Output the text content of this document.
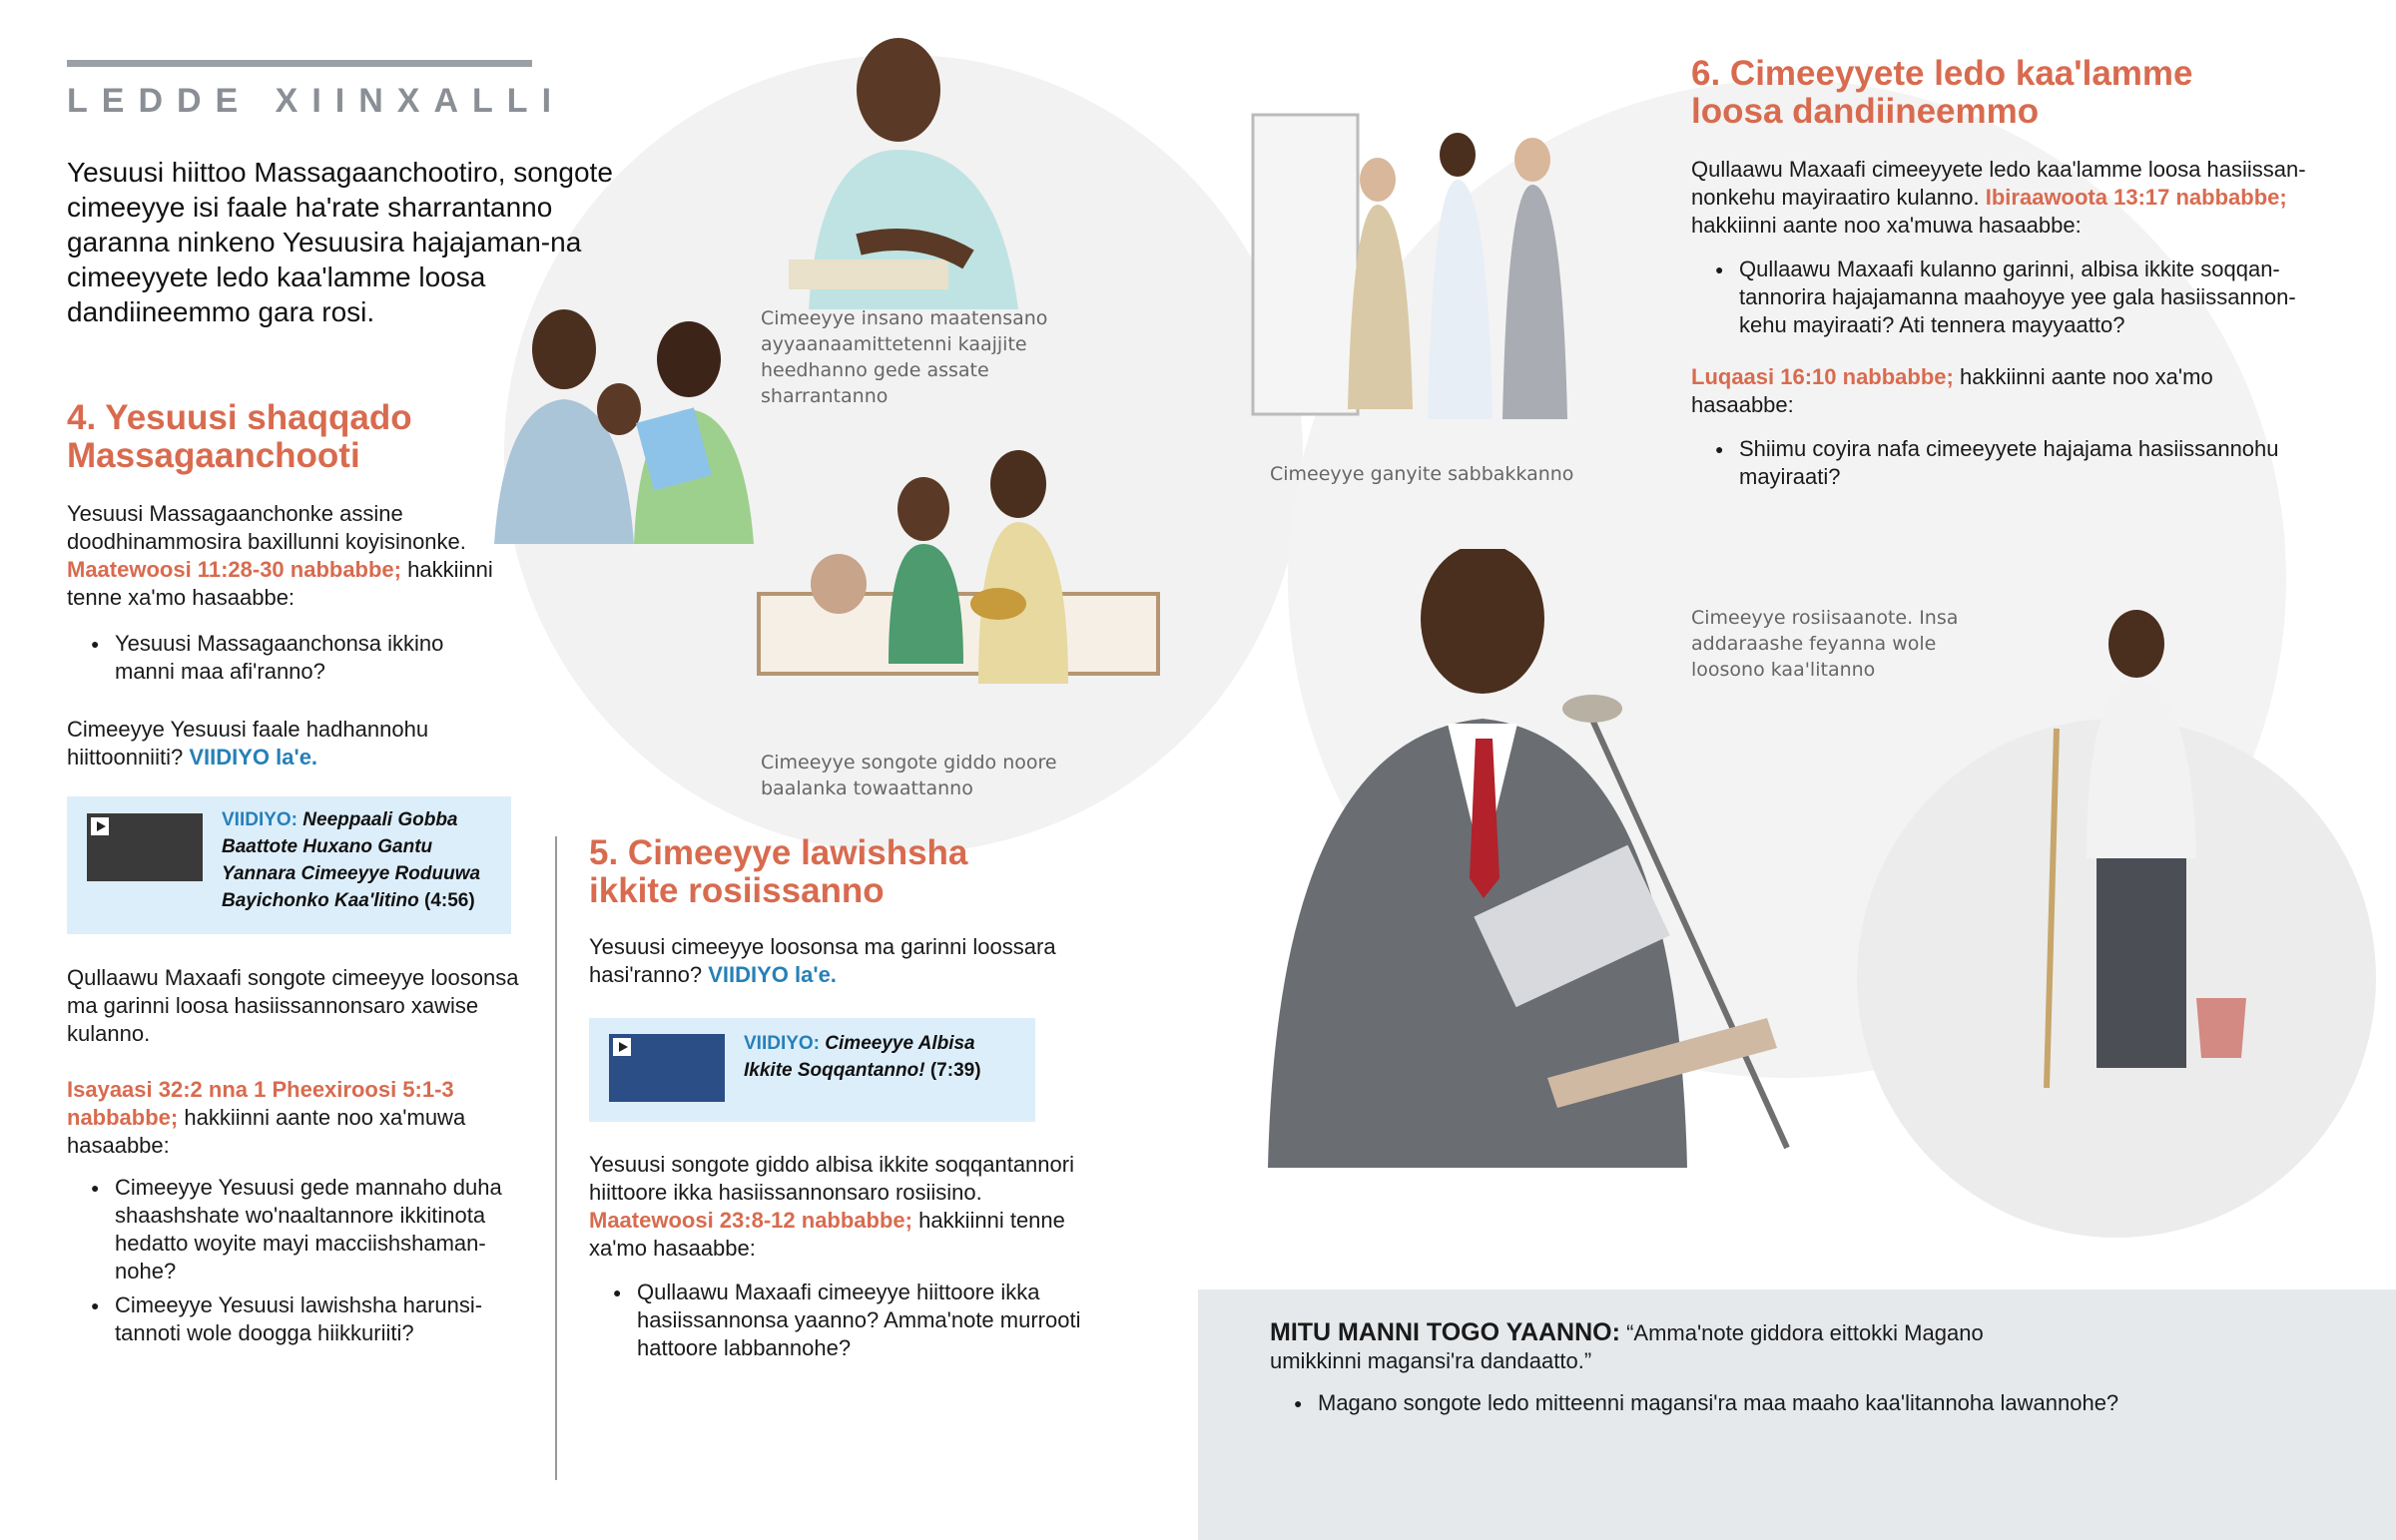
LEDDE XIINXALLI
Yesuusi hiittoo Massagaanchootiro, songote cimeeyye isi faale ha'rate sharrantanno garanna ninkeno Yesuusira hajajaman-na cimeeyyete ledo kaa'lamme loosa dandiineemmo gara rosi.	Cimeeyye insano maatensano ayyaanaamittetenni kaajjite heedhanno gede assate sharrantanno
Cimeeyye songote giddo noore baalanka towaattanno
Cimeeyye ganyite sabbakkanno
Cimeeyye rosiisaanote. Insa addaraashe feyanna wole loosono kaa'litanno
4. Yesuusi shaqqado Massagaanchooti
Yesuusi Massagaanchonke assine doodhinammosira baxillunni koyisinonke. Maatewoosi 11:28-30 nabbabbe; hakkiinni tenne xa'mo hasaabbe:
● Yesuusi Massagaanchonsa ikkino manni maa afi'ranno?
Cimeeyye Yesuusi faale hadhannohu hiittoonniiti? VIIDIYO la'e.
VIIDIYO: Neeppaali Gobba Baattote Huxano Gantu Yannara Cimeeyye Roduuwa Bayichonko Kaa'litino (4:56)
Qullaawu Maxaafi songote cimeeyye loosonsa ma garinni loosa hasiissannonsaro xawise kulanno.
Isayaasi 32:2 nna 1 Pheexiroosi 5:1-3 nabbabbe; hakkiinni aante noo xa'muwa hasaabbe:
● Cimeeyye Yesuusi gede mannaho duha shaashshate wo'naaltannore ikkitinota hedatto woyite mayi macciishshaman-nohe?
● Cimeeyye Yesuusi lawishsha harunsi-tannoti wole doogga hiikkuriiti?
5. Cimeeyye lawishsha ikkite rosiissanno
Yesuusi cimeeyye loosonsa ma garinni loossara hasi'ranno? VIIDIYO la'e.
VIIDIYO: Cimeeyye Albisa Ikkite Soqqantanno! (7:39)
Yesuusi songote giddo albisa ikkite soqqantannori hiittoore ikka hasiissannonsaro rosiisino. Maatewoosi 23:8-12 nabbabbe; hakkiinni tenne xa'mo hasaabbe:
● Qullaawu Maxaafi cimeeyye hiittoore ikka hasiissannonsa yaanno? Amma'note murrooti hattoore labbannohe?
6. Cimeeyyete ledo kaa'lamme loosa dandiineemmo
Qullaawu Maxaafi cimeeyyete ledo kaa'lamme loosa hasiissan-nonkehu mayiraatiro kulanno. Ibiraawoota 13:17 nabbabbe; hakkiinni aante noo xa'muwa hasaabbe:
● Qullaawu Maxaafi kulanno garinni, albisa ikkite soqqan-tannorira hajajamanna maahoyye yee gala hasiissannon-kehu mayiraati? Ati tennera mayyaatto?
Luqaasi 16:10 nabbabbe; hakkiinni aante noo xa'mo hasaabbe:
● Shiimu coyira nafa cimeeyyete hajajama hasiissannohu mayiraati?
MITU MANNI TOGO YAANNO: “Amma'note giddora eittokki Magano umikkinni magansi'ra dandaatto.”
● Magano songote ledo mitteenni magansi'ra maa maaho kaa'litannoha lawannohe?
